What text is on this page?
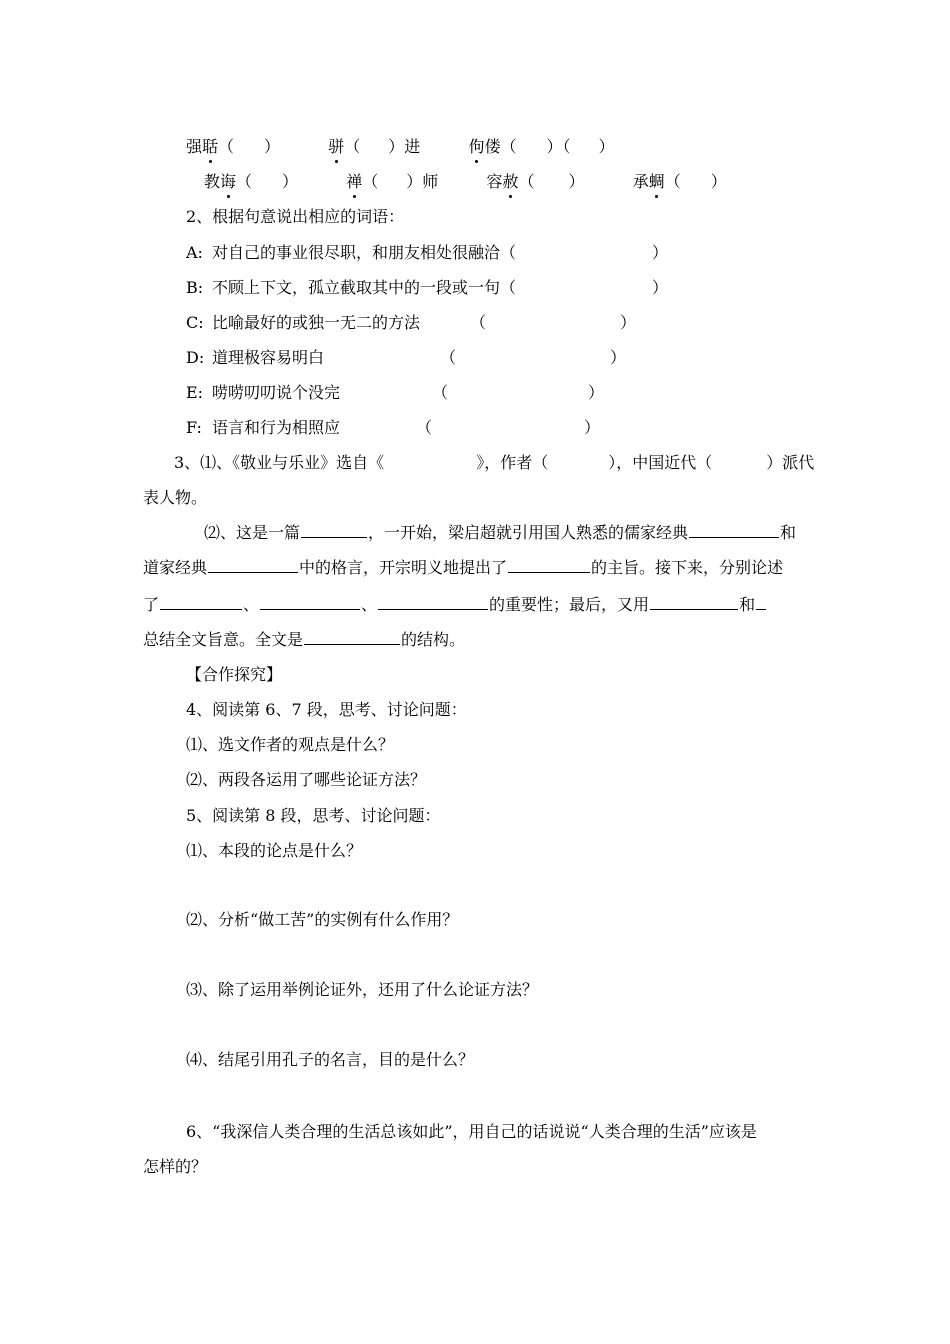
强聒（ ）	骈（ ）进	佝偻（ ）（ ）
教诲（ ）	禅（ ）师	容赦（ ）	承蜩（ ）
2、根据句意说出相应的词语：
A: 对自己的事业很尽职，和朋友相处很融洽（	）
B: 不顾上下文，孤立截取其中的一段或一句（	）
C: 比喻最好的或独一无二的方法	（	）
D: 道理极容易明白	（	）
E: 唠唠叨叨说个没完	（	）
F: 语言和行为相照应	（	）
3、⑴、《敬业与乐业》选自《	》，作者（	），中国近代（	）派代
表人物。
⑵、这是一篇	，一开始，梁启超就引用国人熟悉的儒家经典	和
道家经典	中的格言，开宗明义地提出了	的主旨。接下来，分别论述
了	、	、	的重要性；最后，又用	和
总结全文旨意。全文是	的结构。
【合作探究】
4、阅读第 6、7 段，思考、讨论问题：
⑴、选文作者的观点是什么？
⑵、两段各运用了哪些论证方法？
5、阅读第 8 段，思考、讨论问题：
⑴、本段的论点是什么？
⑵、分析“做工苦”的实例有什么作用？
⑶、除了运用举例论证外，还用了什么论证方法？
⑷、结尾引用孔子的名言，目的是什么？
6、“我深信人类合理的生活总该如此”，用自己的话说说“人类合理的生活”应该是
怎样的？
